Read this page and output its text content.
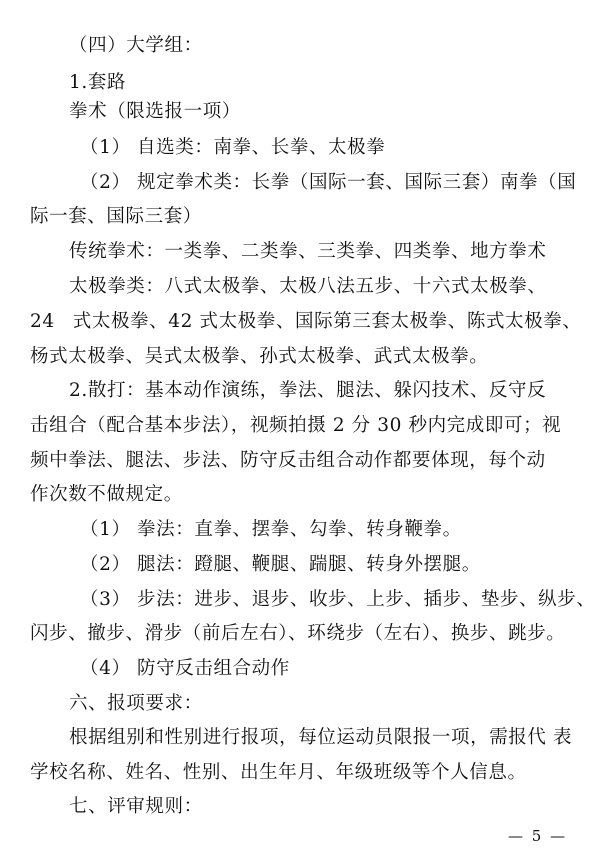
（四）大学组：
1.套路
拳术（限选报一项）
（1） 自选类：南拳、长拳、太极拳
（2） 规定拳术类：长拳（国际一套、国际三套）南拳（国
际一套、国际三套）
传统拳术：一类拳、二类拳、三类拳、四类拳、地方拳术
太极拳类：八式太极拳、太极八法五步、十六式太极拳、
24 式太极拳、42 式太极拳、国际第三套太极拳、陈式太极拳、
杨式太极拳、吴式太极拳、孙式太极拳、武式太极拳。
2.散打：基本动作演练，拳法、腿法、躲闪技术、反守反
击组合（配合基本步法），视频拍摄 2 分 30 秒内完成即可；视
频中拳法、腿法、步法、防守反击组合动作都要体现，每个动
作次数不做规定。
（1） 拳法：直拳、摆拳、勾拳、转身鞭拳。
（2） 腿法：蹬腿、鞭腿、踹腿、转身外摆腿。
（3） 步法：进步、退步、收步、上步、插步、垫步、纵步、
闪步、撤步、滑步（前后左右）、环绕步（左右）、换步、跳步。
（4） 防守反击组合动作
六、报项要求：
根据组别和性别进行报项，每位运动员限报一项，需报代 表
学校名称、姓名、性别、出生年月、年级班级等个人信息。
七、评审规则：
— 5 —
